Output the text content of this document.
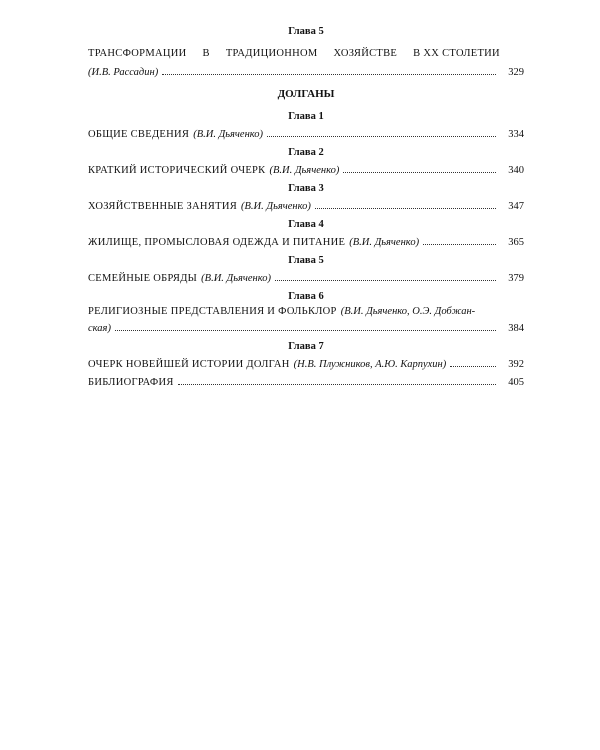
Глава 5
ТРАНСФОРМАЦИИ В ТРАДИЦИОННОМ ХОЗЯЙСТВЕ В XX СТОЛЕТИИ
(И.В. Рассадин)	329
ДОЛГАНЫ
Глава 1
ОБЩИЕ СВЕДЕНИЯ (В.И. Дьяченко)	334
Глава 2
КРАТКИЙ ИСТОРИЧЕСКИЙ ОЧЕРК (В.И. Дьяченко)	340
Глава 3
ХОЗЯЙСТВЕННЫЕ ЗАНЯТИЯ (В.И. Дьяченко)	347
Глава 4
ЖИЛИЩЕ, ПРОМЫСЛОВАЯ ОДЕЖДА И ПИТАНИЕ (В.И. Дьяченко)	365
Глава 5
СЕМЕЙНЫЕ ОБРЯДЫ (В.И. Дьяченко)	379
Глава 6
РЕЛИГИОЗНЫЕ ПРЕДСТАВЛЕНИЯ И ФОЛЬКЛОР (В.И. Дьяченко, О.Э. Добжан-
ская)	384
Глава 7
ОЧЕРК НОВЕЙШЕЙ ИСТОРИИ ДОЛГАН (Н.В. Плужников, А.Ю. Карпухин)	392
БИБЛИОГРАФИЯ	405
